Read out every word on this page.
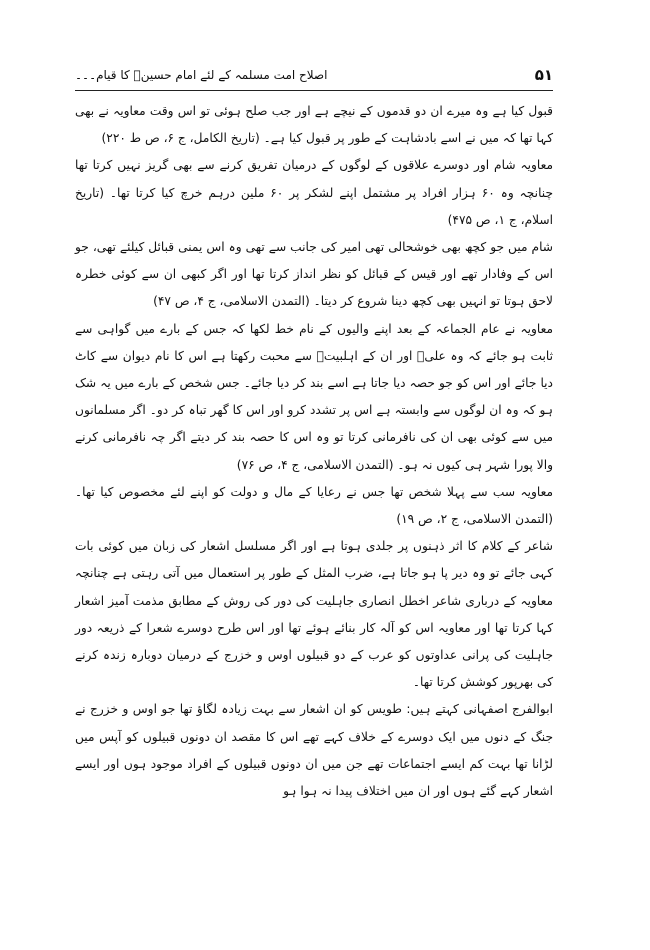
۵۱
اصلاح امت مسلمہ کے لئے امام حسینؑ کا قیام۔۔۔

قبول کیا ہے وہ میرے ان دو قدموں کے نیچے ہے اور جب صلح ہوئی تو اس وقت معاویہ نے بھی کہا تھا کہ میں نے اسے بادشاہت کے طور پر قبول کیا ہے۔ (تاریخ الکامل، ج ۶، ص ط ۲۲۰)

معاویہ شام اور دوسرے علاقوں کے لوگوں کے درمیان تفریق کرنے سے بھی گریز نہیں کرتا تھا چنانچہ وہ ۶۰ ہزار افراد پر مشتمل اپنے لشکر پر ۶۰ ملین درہم خرچ کیا کرتا تھا۔ (تاریخ اسلام، ج ۱، ص ۴۷۵)

شام میں جو کچھ بھی خوشحالی تھی امیر کی جانب سے تھی وہ اس یمنی قبائل کیلئے تھی، جو اس کے وفادار تھے اور قیس کے قبائل کو نظر انداز کرتا تھا اور اگر کبھی ان سے کوئی خطرہ لاحق ہوتا تو انہیں بھی کچھ دینا شروع کر دیتا۔ (التمدن الاسلامی، ج ۴، ص ۴۷)

معاویہ نے عام الجماعہ کے بعد اپنے والیوں کے نام خط لکھا کہ جس کے بارے میں گواہی سے ثابت ہو جائے کہ وہ علیؑ اور ان کے اہلبیتؑ سے محبت رکھتا ہے اس کا نام دیوان سے کاٹ دیا جائے اور اس کو جو حصہ دیا جاتا ہے اسے بند کر دیا جائے۔ جس شخص کے بارے میں یہ شک ہو کہ وہ ان لوگوں سے وابستہ ہے اس پر تشدد کرو اور اس کا گھر تباہ کر دو۔ اگر مسلمانوں میں سے کوئی بھی ان کی نافرمانی کرتا تو وہ اس کا حصہ بند کر دیتے اگر چہ نافرمانی کرنے والا پورا شہر ہی کیوں نہ ہو۔ (التمدن الاسلامی، ج ۴، ص ۷۶)

معاویہ سب سے پہلا شخص تھا جس نے رعایا کے مال و دولت کو اپنے لئے مخصوص کیا تھا۔ (التمدن الاسلامی، ج ۲، ص ۱۹)

شاعر کے کلام کا اثر ذہنوں پر جلدی ہوتا ہے اور اگر مسلسل اشعار کی زبان میں کوئی بات کہی جائے تو وہ دیر پا ہو جاتا ہے، ضرب المثل کے طور پر استعمال میں آتی رہتی ہے چنانچہ معاویہ کے درباری شاعر اخطل انصاری جاہلیت کی دور کی روش کے مطابق مذمت آمیز اشعار کہا کرتا تھا اور معاویہ اس کو آلہ کار بنائے ہوئے تھا اور اس طرح دوسرے شعرا کے ذریعہ دور جاہلیت کی پرانی عداوتوں کو عرب کے دو قبیلوں اوس و خزرج کے درمیان دوبارہ زندہ کرنے کی بھرپور کوشش کرتا تھا۔

ابوالفرج اصفہانی کہتے ہیں: طویس کو ان اشعار سے بہت زیادہ لگاؤ تھا جو اوس و خزرج نے جنگ کے دنوں میں ایک دوسرے کے خلاف کہے تھے اس کا مقصد ان دونوں قبیلوں کو آپس میں لڑانا تھا بہت کم ایسے اجتماعات تھے جن میں ان دونوں قبیلوں کے افراد موجود ہوں اور ایسے اشعار کہے گئے ہوں اور ان میں اختلاف پیدا نہ ہوا ہو
